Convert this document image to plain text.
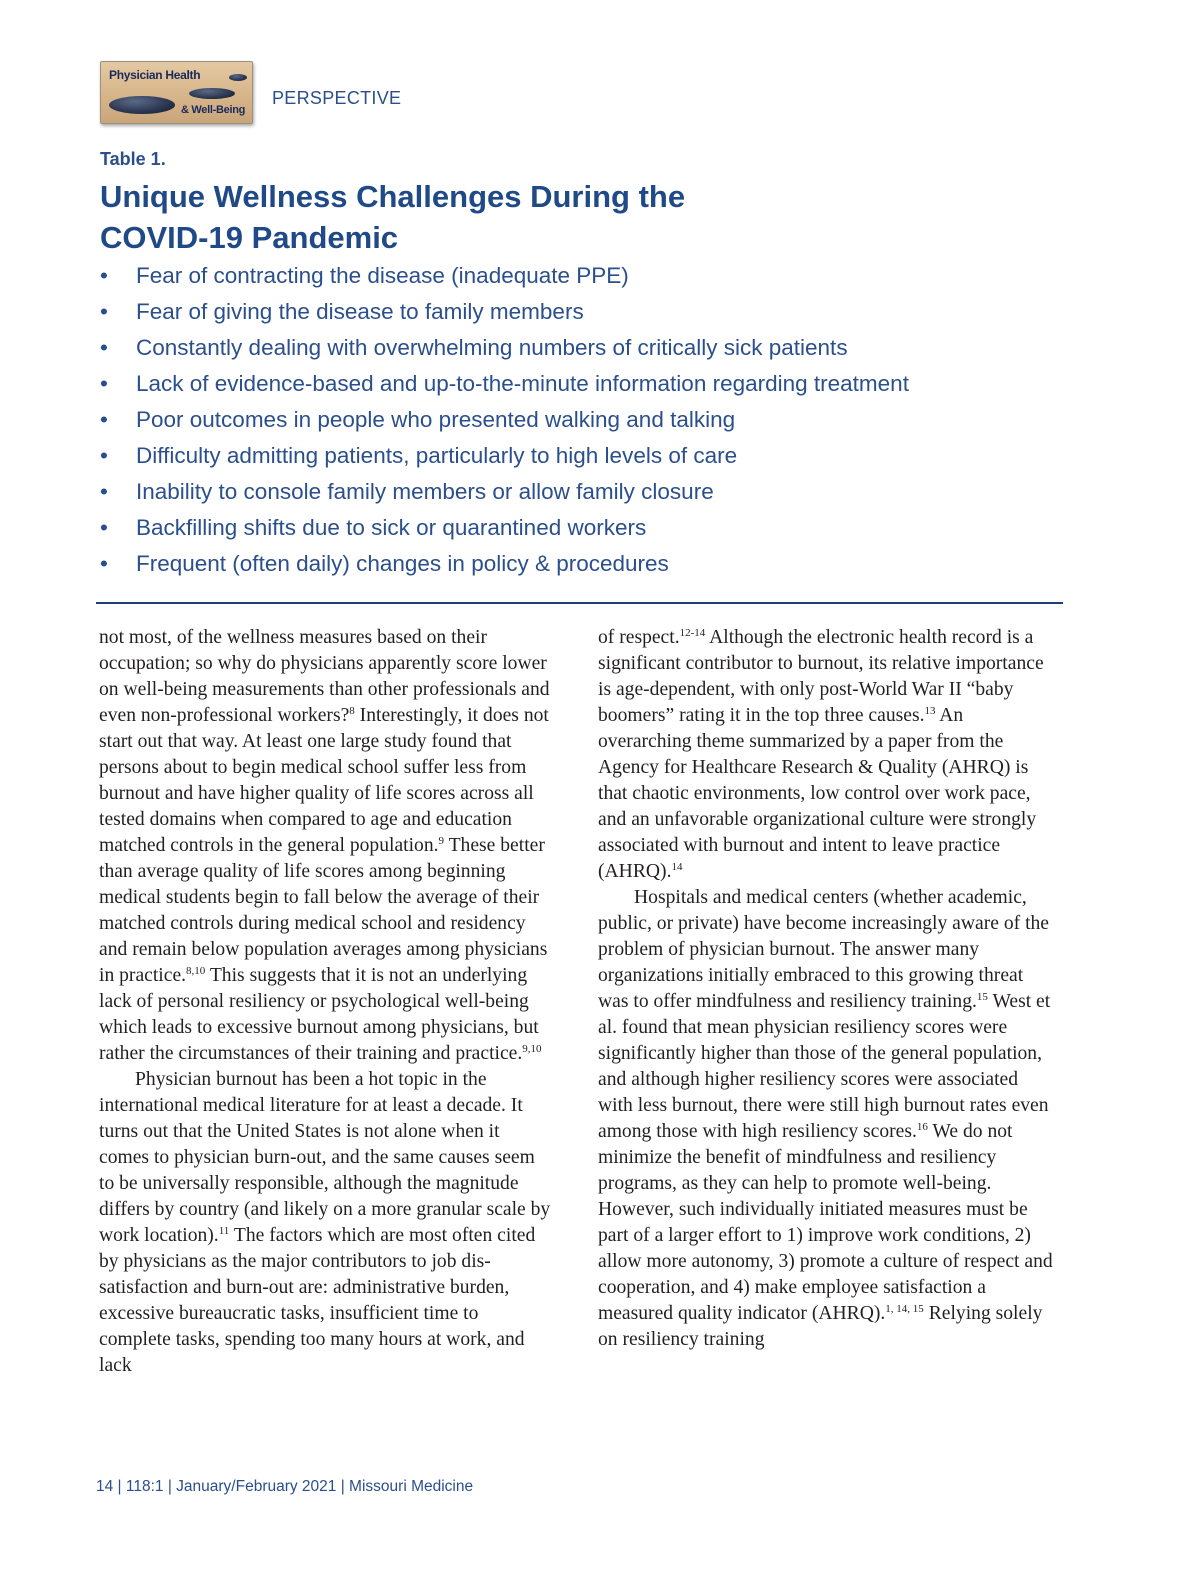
Physician Health
& Well-Being
PERSPECTIVE
Table 1.
Unique Wellness Challenges During the
COVID-19 Pandemic
•	Fear of contracting the disease (inadequate PPE)
•	Fear of giving the disease to family members
•	Constantly dealing with overwhelming numbers of critically sick patients
•	Lack of evidence-based and up-to-the-minute information regarding treatment
•	Poor outcomes in people who presented walking and talking
•	Difficulty admitting patients, particularly to high levels of care
•	Inability to console family members or allow family closure
•	Backfilling shifts due to sick or quarantined workers
•	Frequent (often daily) changes in policy & procedures

not most, of the wellness measures based on their occupation; so why do physicians apparently score lower on well-being measurements than other professionals and even non-professional workers?$^8$ Interestingly, it does not start out that way. At least one large study found that persons about to begin medical school suffer less from burnout and have higher quality of life scores across all tested domains when compared to age and education matched controls in the general population.$^9$ These better than average quality of life scores among beginning medical students begin to fall below the average of their matched controls during medical school and residency and remain below population averages among physicians in practice.$^{8,10}$ This suggests that it is not an underlying lack of personal resiliency or psychological well-being which leads to excessive burnout among physicians, but rather the circumstances of their training and practice.$^{9,10}$

Physician burnout has been a hot topic in the international medical literature for at least a decade. It turns out that the United States is not alone when it comes to physician burn-out, and the same causes seem to be universally responsible, although the magnitude differs by country (and likely on a more granular scale by work location).$^{11}$ The factors which are most often cited by physicians as the major contributors to job dis-satisfaction and burn-out are: administrative burden, excessive bureaucratic tasks, insufficient time to complete tasks, spending too many hours at work, and lack

of respect.$^{12-14}$ Although the electronic health record is a significant contributor to burnout, its relative importance is age-dependent, with only post-World War II “baby boomers” rating it in the top three causes.$^{13}$ An overarching theme summarized by a paper from the Agency for Healthcare Research & Quality (AHRQ) is that chaotic environments, low control over work pace, and an unfavorable organizational culture were strongly associated with burnout and intent to leave practice (AHRQ).$^{14}$

Hospitals and medical centers (whether academic, public, or private) have become increasingly aware of the problem of physician burnout. The answer many organizations initially embraced to this growing threat was to offer mindfulness and resiliency training.$^{15}$ West et al. found that mean physician resiliency scores were significantly higher than those of the general population, and although higher resiliency scores were associated with less burnout, there were still high burnout rates even among those with high resiliency scores.$^{16}$ We do not minimize the benefit of mindfulness and resiliency programs, as they can help to promote well-being. However, such individually initiated measures must be part of a larger effort to 1) improve work conditions, 2) allow more autonomy, 3) promote a culture of respect and cooperation, and 4) make employee satisfaction a measured quality indicator (AHRQ).$^{1, 14, 15}$ Relying solely on resiliency training

14 | 118:1 | January/February 2021 | Missouri Medicine
